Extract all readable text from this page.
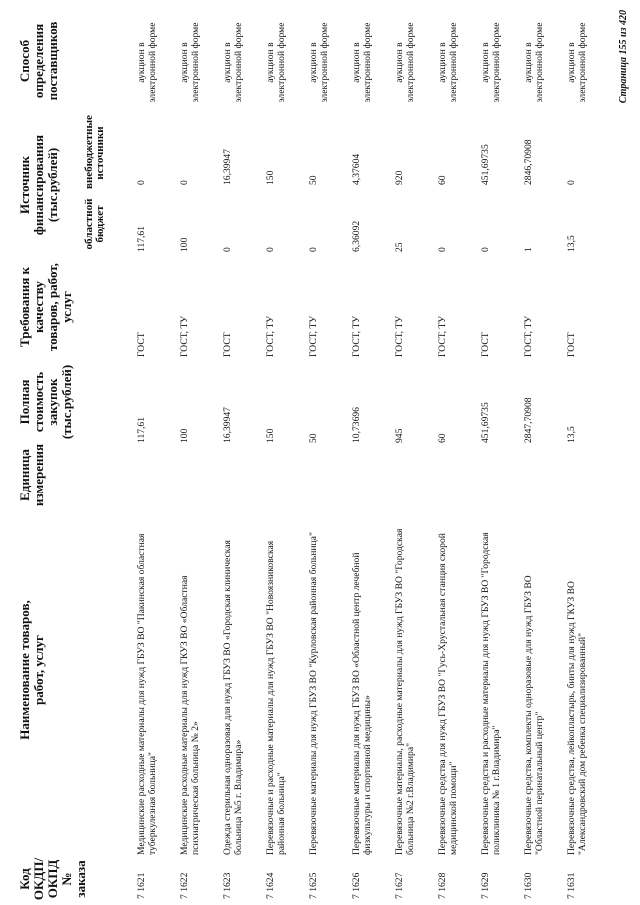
Код ОКДП/ ОКПД № заказа
Наименование товаров, работ, услуг
Единица измерения
Полная стоимость закупок (тыс.рублей)
Требования к качеству товаров, работ, услуг
Источник финансирования (тыс.рублей)
областной бюджет
внебюджетные источники
Способ определения поставщиков
7 1621
Медицинские расходные материалы для нужд ГБУЗ ВО "Пакинская областная туберкулезная больница"
117,61
ГОСТ
117,61
0
аукцион в электронной форме
7 1622
Медицинские расходные материалы для нужд ГКУЗ ВО «Областная психиатрическая больница № 2»
100
ГОСТ, ТУ
100
0
аукцион в электронной форме
7 1623
Одежда стерильная одноразовая для нужд ГБУЗ ВО «Городская клиническая больница №5 г. Владимира»
16,39947
ГОСТ
0
16,39947
аукцион в электронной форме
7 1624
Перевязочные и расходные материалы для нужд ГБУЗ ВО "Новоязниковская районная больница"
150
ГОСТ, ТУ
0
150
аукцион в электронной форме
7 1625
Перевязочные материалы для нужд ГБУЗ ВО "Курловская районная больница"
50
ГОСТ, ТУ
0
50
аукцион в электронной форме
7 1626
Перевязочные материалы для нужд ГБУЗ ВО «Областной центр лечебной физкультуры и спортивной медицины»
10,73696
ГОСТ, ТУ
6,36092
4,37604
аукцион в электронной форме
7 1627
Перевязочные материалы, расходные материалы для нужд ГБУЗ ВО "Городская больница №2 г.Владимира"
945
ГОСТ, ТУ
25
920
аукцион в электронной форме
7 1628
Перевязочные средства для нужд ГБУЗ ВО "Гусь-Хрустальная станция скорой медицинской помощи"
60
ГОСТ, ТУ
0
60
аукцион в электронной форме
7 1629
Перевязочные средства и расходные материалы для нужд ГБУЗ ВО "Городская поликлиника № 1 г.Владимира"
451,69735
ГОСТ
0
451,69735
аукцион в электронной форме
7 1630
Перевязочные средства, комплекты одноразовые для нужд ГБУЗ ВО "Областной перинатальный центр"
2847,70908
ГОСТ, ТУ
1
2846,70908
аукцион в электронной форме
7 1631
Перевязочные средства, лейкопластырь, бинты для нужд ГКУЗ ВО "Александровский дом ребенка специализированный"
13,5
ГОСТ
13,5
0
аукцион в электронной форме	Страница 155 из 420
